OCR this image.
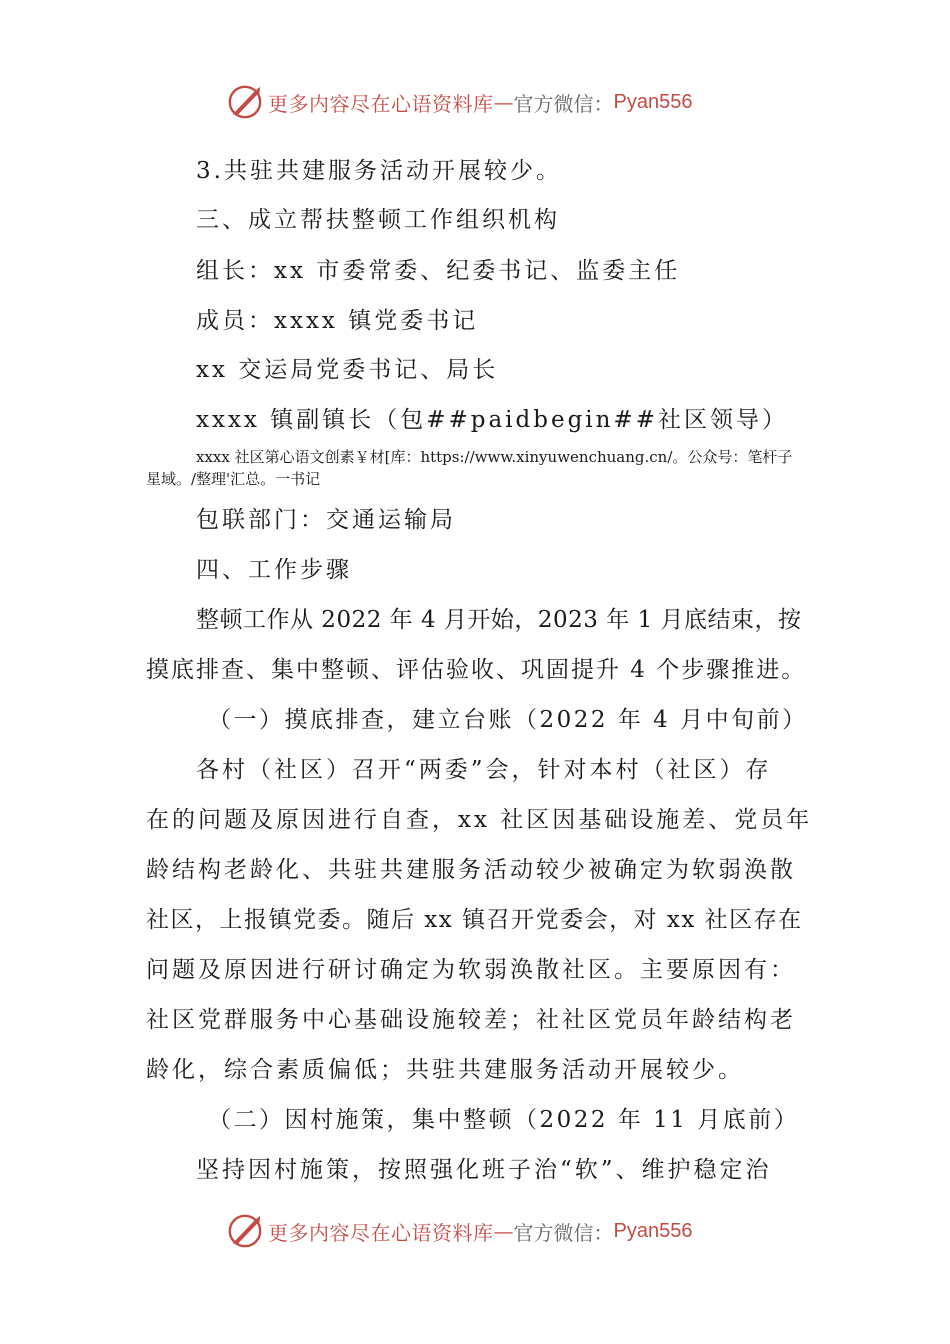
更多内容尽在心语资料库 — 官方微信： Pyan556
3.共驻共建服务活动开展较少。
三、成立帮扶整顿工作组织机构
组长：xx 市委常委、纪委书记、监委主任
成员：xxxx 镇党委书记
xx 交运局党委书记、局长
xxxx 镇副镇长（包##paidbegin##社区领导）
xxxx 社区第心语文创素￥材[库：https://www.xinyuwenchuang.cn/。公众号：笔杆子
星域。/整理'汇总。一书记
包联部门：交通运输局
四、工作步骤
整顿工作从 2022 年 4 月开始，2023 年 1 月底结束，按
摸底排查、集中整顿、评估验收、巩固提升 4 个步骤推进。
（一）摸底排查，建立台账（2022 年 4 月中旬前）
各村（社区）召开“两委”会，针对本村（社区）存
在的问题及原因进行自查，xx 社区因基础设施差、党员年
龄结构老龄化、共驻共建服务活动较少被确定为软弱涣散
社区，上报镇党委。随后 xx 镇召开党委会，对 xx 社区存在
问题及原因进行研讨确定为软弱涣散社区。主要原因有：
社区党群服务中心基础设施较差；社社区党员年龄结构老
龄化，综合素质偏低；共驻共建服务活动开展较少。
（二）因村施策，集中整顿（2022 年 11 月底前）
坚持因村施策，按照强化班子治“软”、维护稳定治
更多内容尽在心语资料库 — 官方微信： Pyan556
